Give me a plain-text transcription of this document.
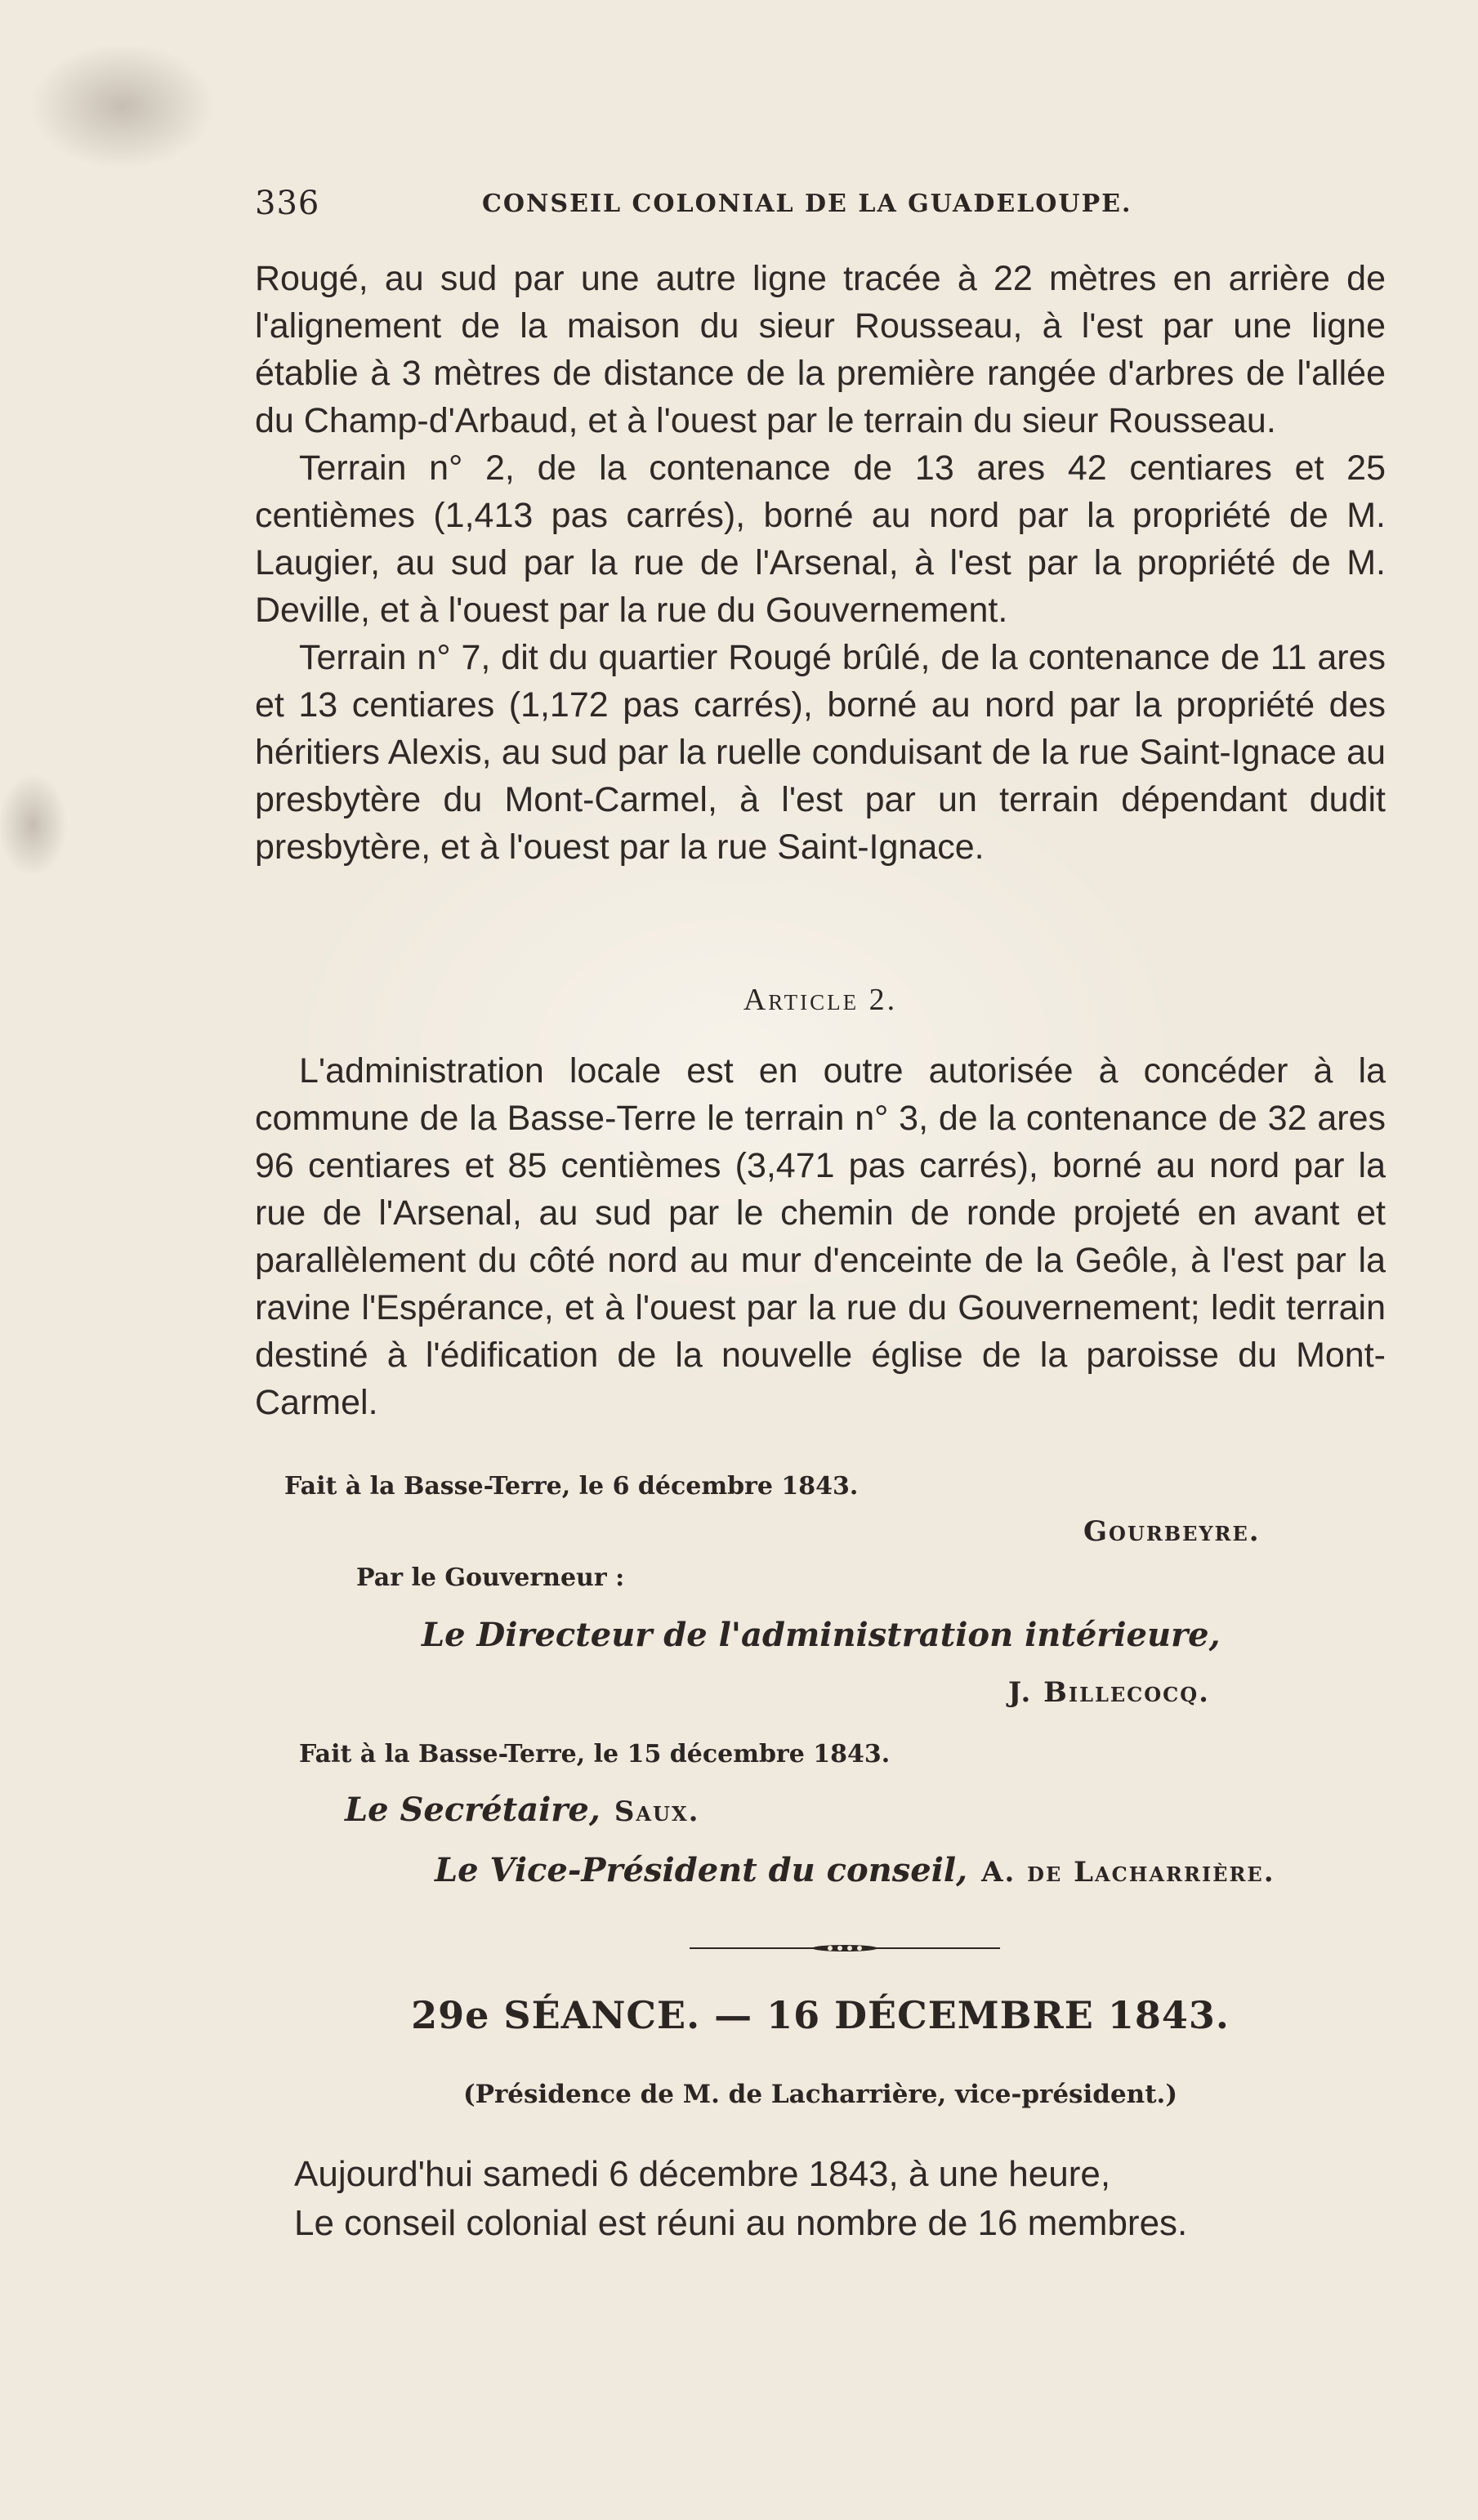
336	CONSEIL COLONIAL DE LA GUADELOUPE.

Rougé, au sud par une autre ligne tracée à 22 mètres en arrière de l'alignement de la maison du sieur Rousseau, à l'est par une ligne établie à 3 mètres de distance de la première rangée d'arbres de l'allée du Champ-d'Arbaud, et à l'ouest par le terrain du sieur Rousseau.

Terrain n° 2, de la contenance de 13 ares 42 centiares et 25 centièmes (1,413 pas carrés), borné au nord par la propriété de M. Laugier, au sud par la rue de l'Arsenal, à l'est par la propriété de M. Deville, et à l'ouest par la rue du Gouvernement.

Terrain n° 7, dit du quartier Rougé brûlé, de la contenance de 11 ares et 13 centiares (1,172 pas carrés), borné au nord par la propriété des héritiers Alexis, au sud par la ruelle conduisant de la rue Saint-Ignace au presbytère du Mont-Carmel, à l'est par un terrain dépendant dudit presbytère, et à l'ouest par la rue Saint-Ignace.

Article 2.

L'administration locale est en outre autorisée à concéder à la commune de la Basse-Terre le terrain n° 3, de la contenance de 32 ares 96 centiares et 85 centièmes (3,471 pas carrés), borné au nord par la rue de l'Arsenal, au sud par le chemin de ronde projeté en avant et parallèlement du côté nord au mur d'enceinte de la Geôle, à l'est par la ravine l'Espérance, et à l'ouest par la rue du Gouvernement; ledit terrain destiné à l'édification de la nouvelle église de la paroisse du Mont-Carmel.

Fait à la Basse-Terre, le 6 décembre 1843.
Gourbeyre.
Par le Gouverneur :
Le Directeur de l'administration intérieure,
J. Billecocq.
Fait à la Basse-Terre, le 15 décembre 1843.
Le Secrétaire, Saux.
Le Vice-Président du conseil, A. de Lacharrière.
29e SÉANCE. — 16 DÉCEMBRE 1843.
(Présidence de M. de Lacharrière, vice-président.)
Aujourd'hui samedi 6 décembre 1843, à une heure,
Le conseil colonial est réuni au nombre de 16 membres.
